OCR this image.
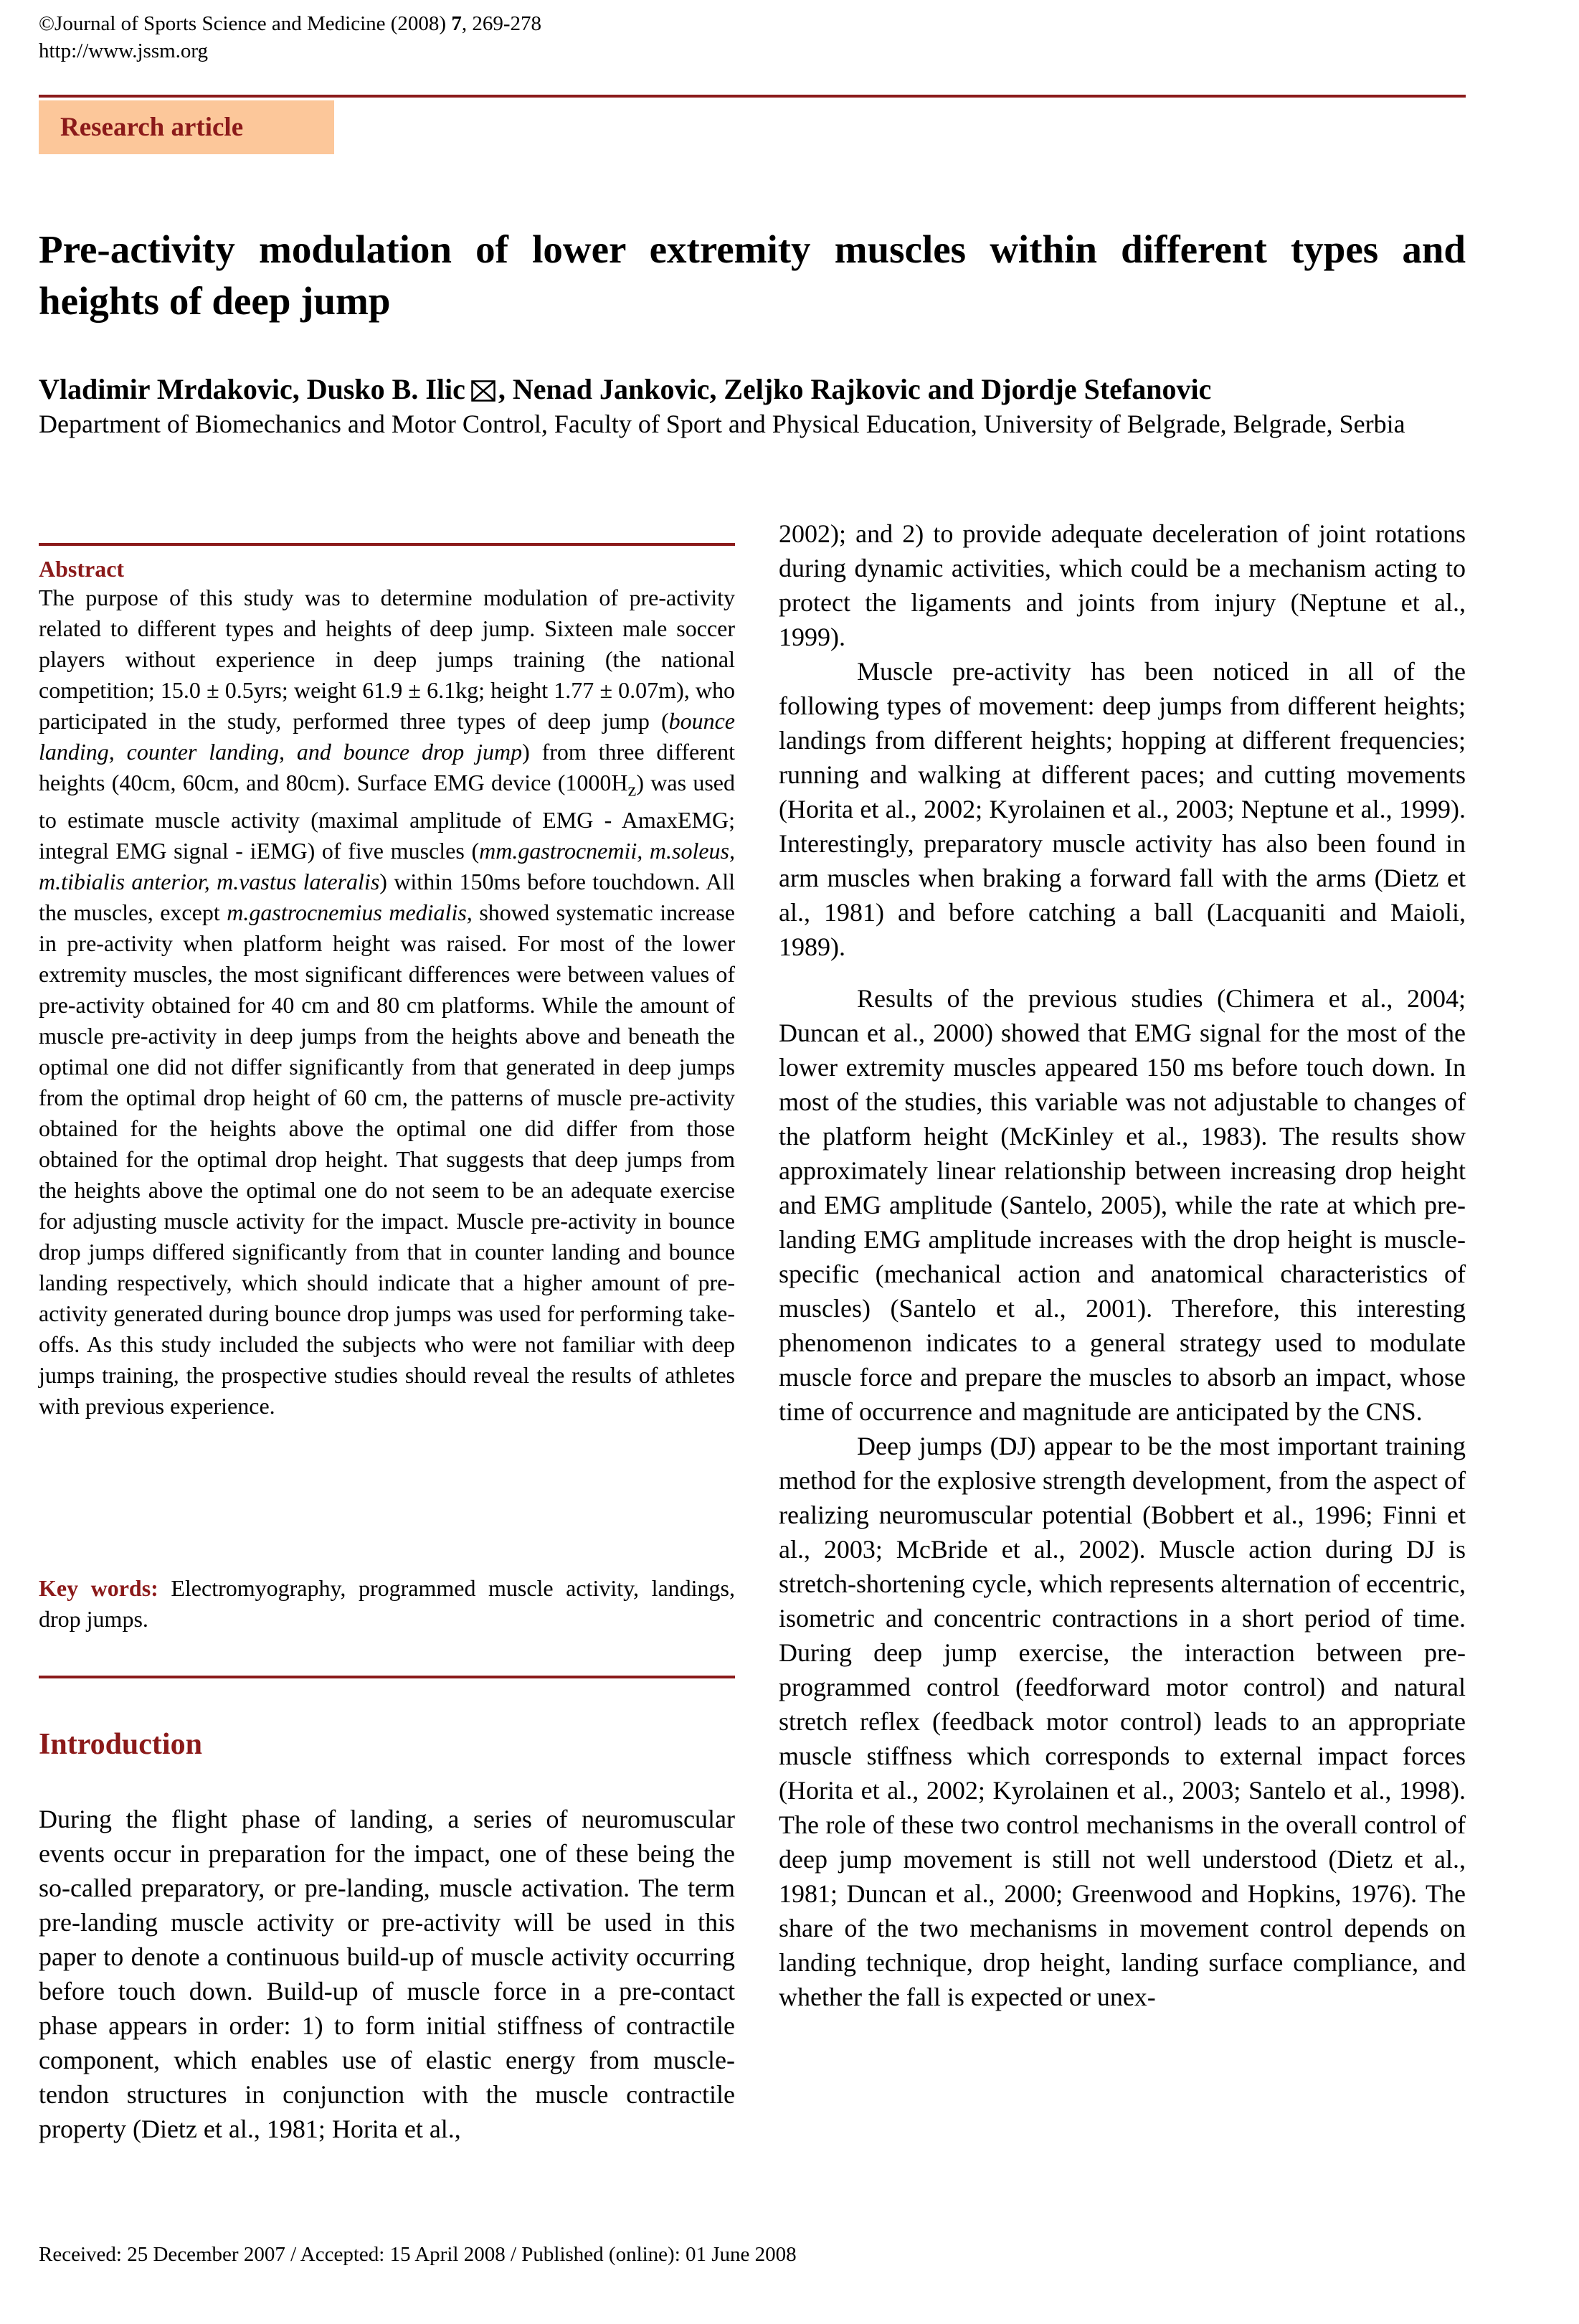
©Journal of Sports Science and Medicine (2008) 7, 269-278
http://www.jssm.org
Research article
Pre-activity modulation of lower extremity muscles within different types and heights of deep jump
Vladimir Mrdakovic, Dusko B. Ilic , Nenad Jankovic, Zeljko Rajkovic and Djordje Stefanovic
Department of Biomechanics and Motor Control, Faculty of Sport and Physical Education, University of Belgrade, Belgrade, Serbia
Abstract
The purpose of this study was to determine modulation of pre-activity related to different types and heights of deep jump. Sixteen male soccer players without experience in deep jumps training (the national competition; 15.0 ± 0.5yrs; weight 61.9 ± 6.1kg; height 1.77 ± 0.07m), who participated in the study, performed three types of deep jump (bounce landing, counter landing, and bounce drop jump) from three different heights (40cm, 60cm, and 80cm). Surface EMG device $(1000H_z)$ was used to estimate muscle activity (maximal amplitude of EMG - AmaxEMG; integral EMG signal - iEMG) of five muscles (mm.gastrocnemii, m.soleus, m.tibialis anterior, m.vastus lateralis) within 150ms before touchdown. All the muscles, except m.gastrocnemius medialis, showed systematic increase in pre-activity when platform height was raised. For most of the lower extremity muscles, the most significant differences were between values of pre-activity obtained for 40 cm and 80 cm platforms. While the amount of muscle pre-activity in deep jumps from the heights above and beneath the optimal one did not differ significantly from that generated in deep jumps from the optimal drop height of 60 cm, the patterns of muscle pre-activity obtained for the heights above the optimal one did differ from those obtained for the optimal drop height. That suggests that deep jumps from the heights above the optimal one do not seem to be an adequate exercise for adjusting muscle activity for the impact. Muscle pre-activity in bounce drop jumps differed significantly from that in counter landing and bounce landing respectively, which should indicate that a higher amount of pre-activity generated during bounce drop jumps was used for performing take-offs. As this study included the subjects who were not familiar with deep jumps training, the prospective studies should reveal the results of athletes with previous experience.
Key words: Electromyography, programmed muscle activity, landings, drop jumps.
Introduction
During the flight phase of landing, a series of neuromuscular events occur in preparation for the impact, one of these being the so-called preparatory, or pre-landing, muscle activation. The term pre-landing muscle activity or pre-activity will be used in this paper to denote a continuous build-up of muscle activity occurring before touch down. Build-up of muscle force in a pre-contact phase appears in order: 1) to form initial stiffness of contractile component, which enables use of elastic energy from muscle-tendon structures in conjunction with the muscle contractile property (Dietz et al., 1981; Horita et al.,

2002); and 2) to provide adequate deceleration of joint rotations during dynamic activities, which could be a mechanism acting to protect the ligaments and joints from injury (Neptune et al., 1999).

Muscle pre-activity has been noticed in all of the following types of movement: deep jumps from different heights; landings from different heights; hopping at different frequencies; running and walking at different paces; and cutting movements (Horita et al., 2002; Kyrolainen et al., 2003; Neptune et al., 1999). Interestingly, preparatory muscle activity has also been found in arm muscles when braking a forward fall with the arms (Dietz et al., 1981) and before catching a ball (Lacquaniti and Maioli, 1989).

Results of the previous studies (Chimera et al., 2004; Duncan et al., 2000) showed that EMG signal for the most of the lower extremity muscles appeared 150 ms before touch down. In most of the studies, this variable was not adjustable to changes of the platform height (McKinley et al., 1983). The results show approximately linear relationship between increasing drop height and EMG amplitude (Santelo, 2005), while the rate at which pre-landing EMG amplitude increases with the drop height is muscle-specific (mechanical action and anatomical characteristics of muscles) (Santelo et al., 2001). Therefore, this interesting phenomenon indicates to a general strategy used to modulate muscle force and prepare the muscles to absorb an impact, whose time of occurrence and magnitude are anticipated by the CNS.

Deep jumps (DJ) appear to be the most important training method for the explosive strength development, from the aspect of realizing neuromuscular potential (Bobbert et al., 1996; Finni et al., 2003; McBride et al., 2002). Muscle action during DJ is stretch-shortening cycle, which represents alternation of eccentric, isometric and concentric contractions in a short period of time. During deep jump exercise, the interaction between pre-programmed control (feedforward motor control) and natural stretch reflex (feedback motor control) leads to an appropriate muscle stiffness which corresponds to external impact forces (Horita et al., 2002; Kyrolainen et al., 2003; Santelo et al., 1998). The role of these two control mechanisms in the overall control of deep jump movement is still not well understood (Dietz et al., 1981; Duncan et al., 2000; Greenwood and Hopkins, 1976). The share of the two mechanisms in movement control depends on landing technique, drop height, landing surface compliance, and whether the fall is expected or unex-

Received: 25 December 2007 / Accepted: 15 April 2008 / Published (online): 01 June 2008
